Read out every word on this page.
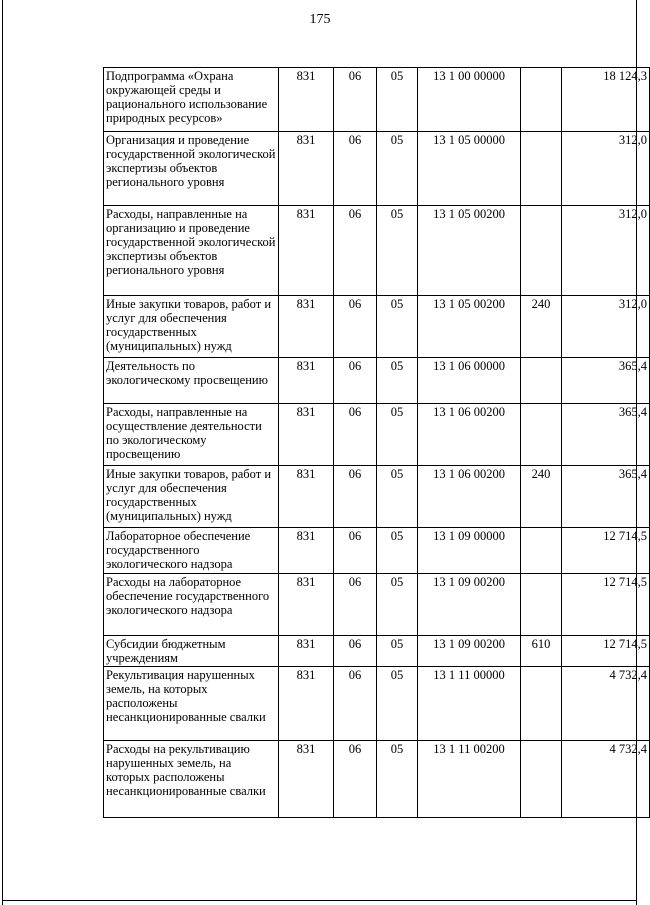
175
Подпрограмма «Охрана окружающей среды и рационального использование природных ресурсов»	831	06	05	13 1 00 00000		18 124,3
Организация и проведение государственной экологической экспертизы объектов регионального уровня	831	06	05	13 1 05 00000		312,0
Расходы, направленные на организацию и проведение государственной экологической экспертизы объектов регионального уровня	831	06	05	13 1 05 00200		312,0
Иные закупки товаров, работ и услуг для обеспечения государственных (муниципальных) нужд	831	06	05	13 1 05 00200	240	312,0
Деятельность по экологическому просвещению	831	06	05	13 1 06 00000		365,4
Расходы, направленные на осуществление деятельности по экологическому просвещению	831	06	05	13 1 06 00200		365,4
Иные закупки товаров, работ и услуг для обеспечения государственных (муниципальных) нужд	831	06	05	13 1 06 00200	240	365,4
Лабораторное обеспечение государственного экологического надзора	831	06	05	13 1 09 00000		12 714,5
Расходы на лабораторное обеспечение государственного экологического надзора	831	06	05	13 1 09 00200		12 714,5
Субсидии бюджетным учреждениям	831	06	05	13 1 09 00200	610	12 714,5
Рекультивация нарушенных земель, на которых расположены несанкционированные свалки	831	06	05	13 1 11 00000		4 732,4
Расходы на рекультивацию нарушенных земель, на которых расположены несанкционированные свалки	831	06	05	13 1 11 00200		4 732,4
